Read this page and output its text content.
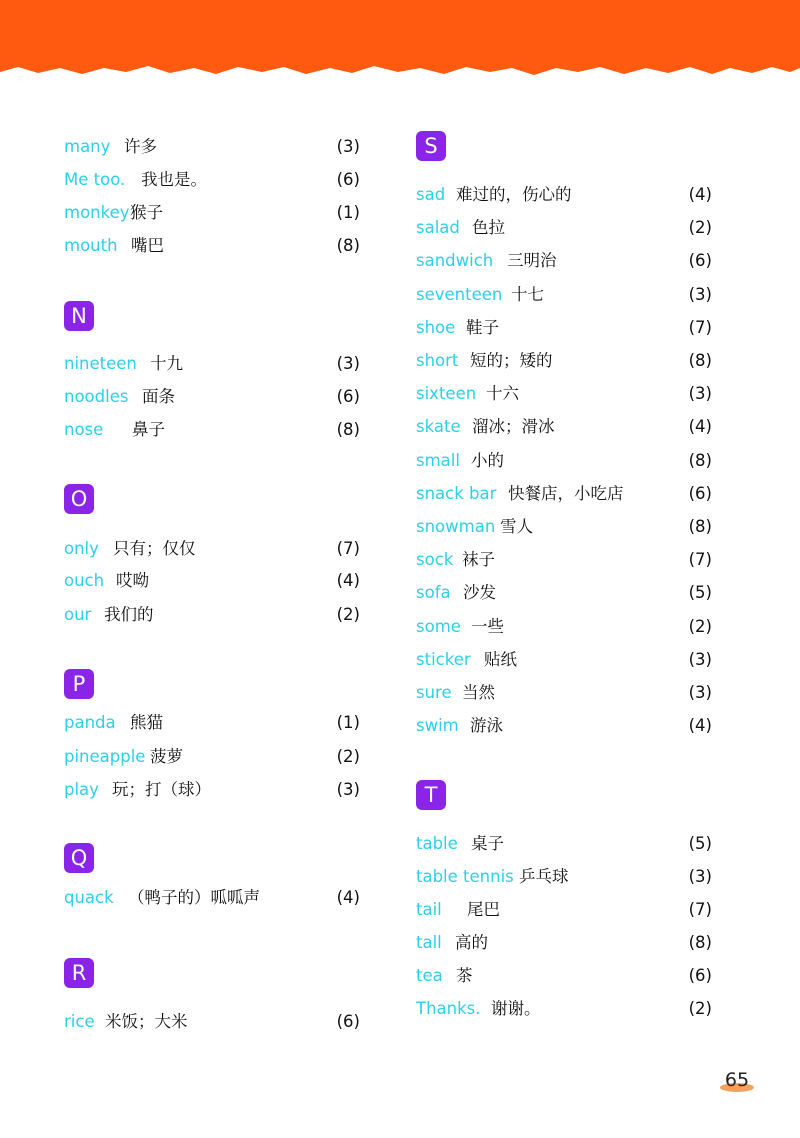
many 许多	(3)
Me too. 我也是。	(6)
monkey 猴子	(1)
mouth 嘴巴	(8)
N
nineteen 十九	(3)
noodles 面条	(6)
nose 鼻子	(8)
O
only 只有；仅仅	(7)
ouch 哎呦	(4)
our 我们的	(2)
P
panda 熊猫	(1)
pineapple 菠萝	(2)
play 玩；打（球）	(3)
Q
quack （鸭子的）呱呱声	(4)
R
rice 米饭；大米	(6)
S
sad 难过的，伤心的	(4)
salad 色拉	(2)
sandwich 三明治	(6)
seventeen 十七	(3)
shoe 鞋子	(7)
short 短的；矮的	(8)
sixteen 十六	(3)
skate 溜冰；滑冰	(4)
small 小的	(8)
snack bar 快餐店，小吃店	(6)
snowman 雪人	(8)
sock 袜子	(7)
sofa 沙发	(5)
some 一些	(2)
sticker 贴纸	(3)
sure 当然	(3)
swim 游泳	(4)
T
table 桌子	(5)
table tennis 乒乓球	(3)
tail 尾巴	(7)
tall 高的	(8)
tea 茶	(6)
Thanks. 谢谢。	(2)
65
